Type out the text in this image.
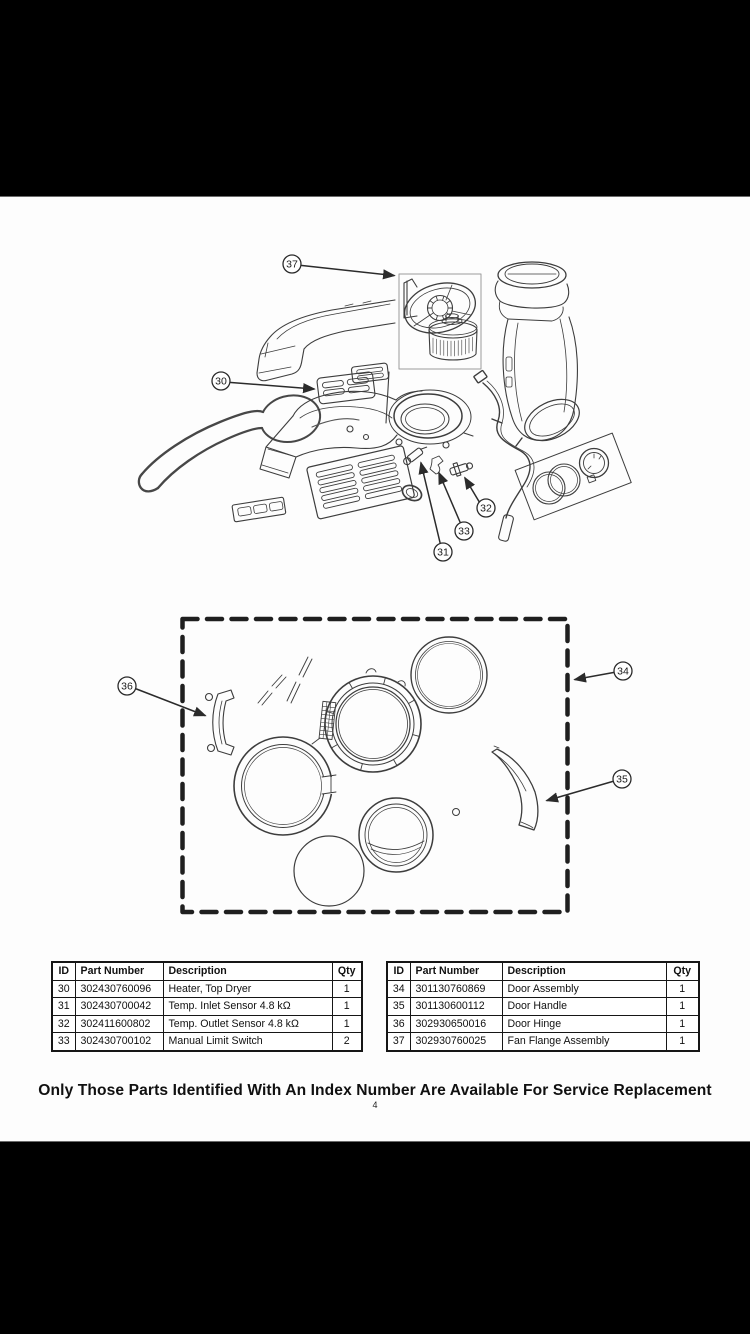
37
30
31
33
32
36
34
35
ID	Part Number	Description	Qty
30	302430760096	Heater, Top Dryer	1
31	302430700042	Temp. Inlet Sensor 4.8 kΩ	1
32	302411600802	Temp. Outlet Sensor 4.8 kΩ	1
33	302430700102	Manual Limit Switch	2
ID	Part Number	Description	Qty
34	301130760869	Door Assembly	1
35	301130600112	Door Handle	1
36	302930650016	Door Hinge	1
37	302930760025	Fan Flange Assembly	1
Only Those Parts Identified With An Index Number Are Available For Service Replacement
4
